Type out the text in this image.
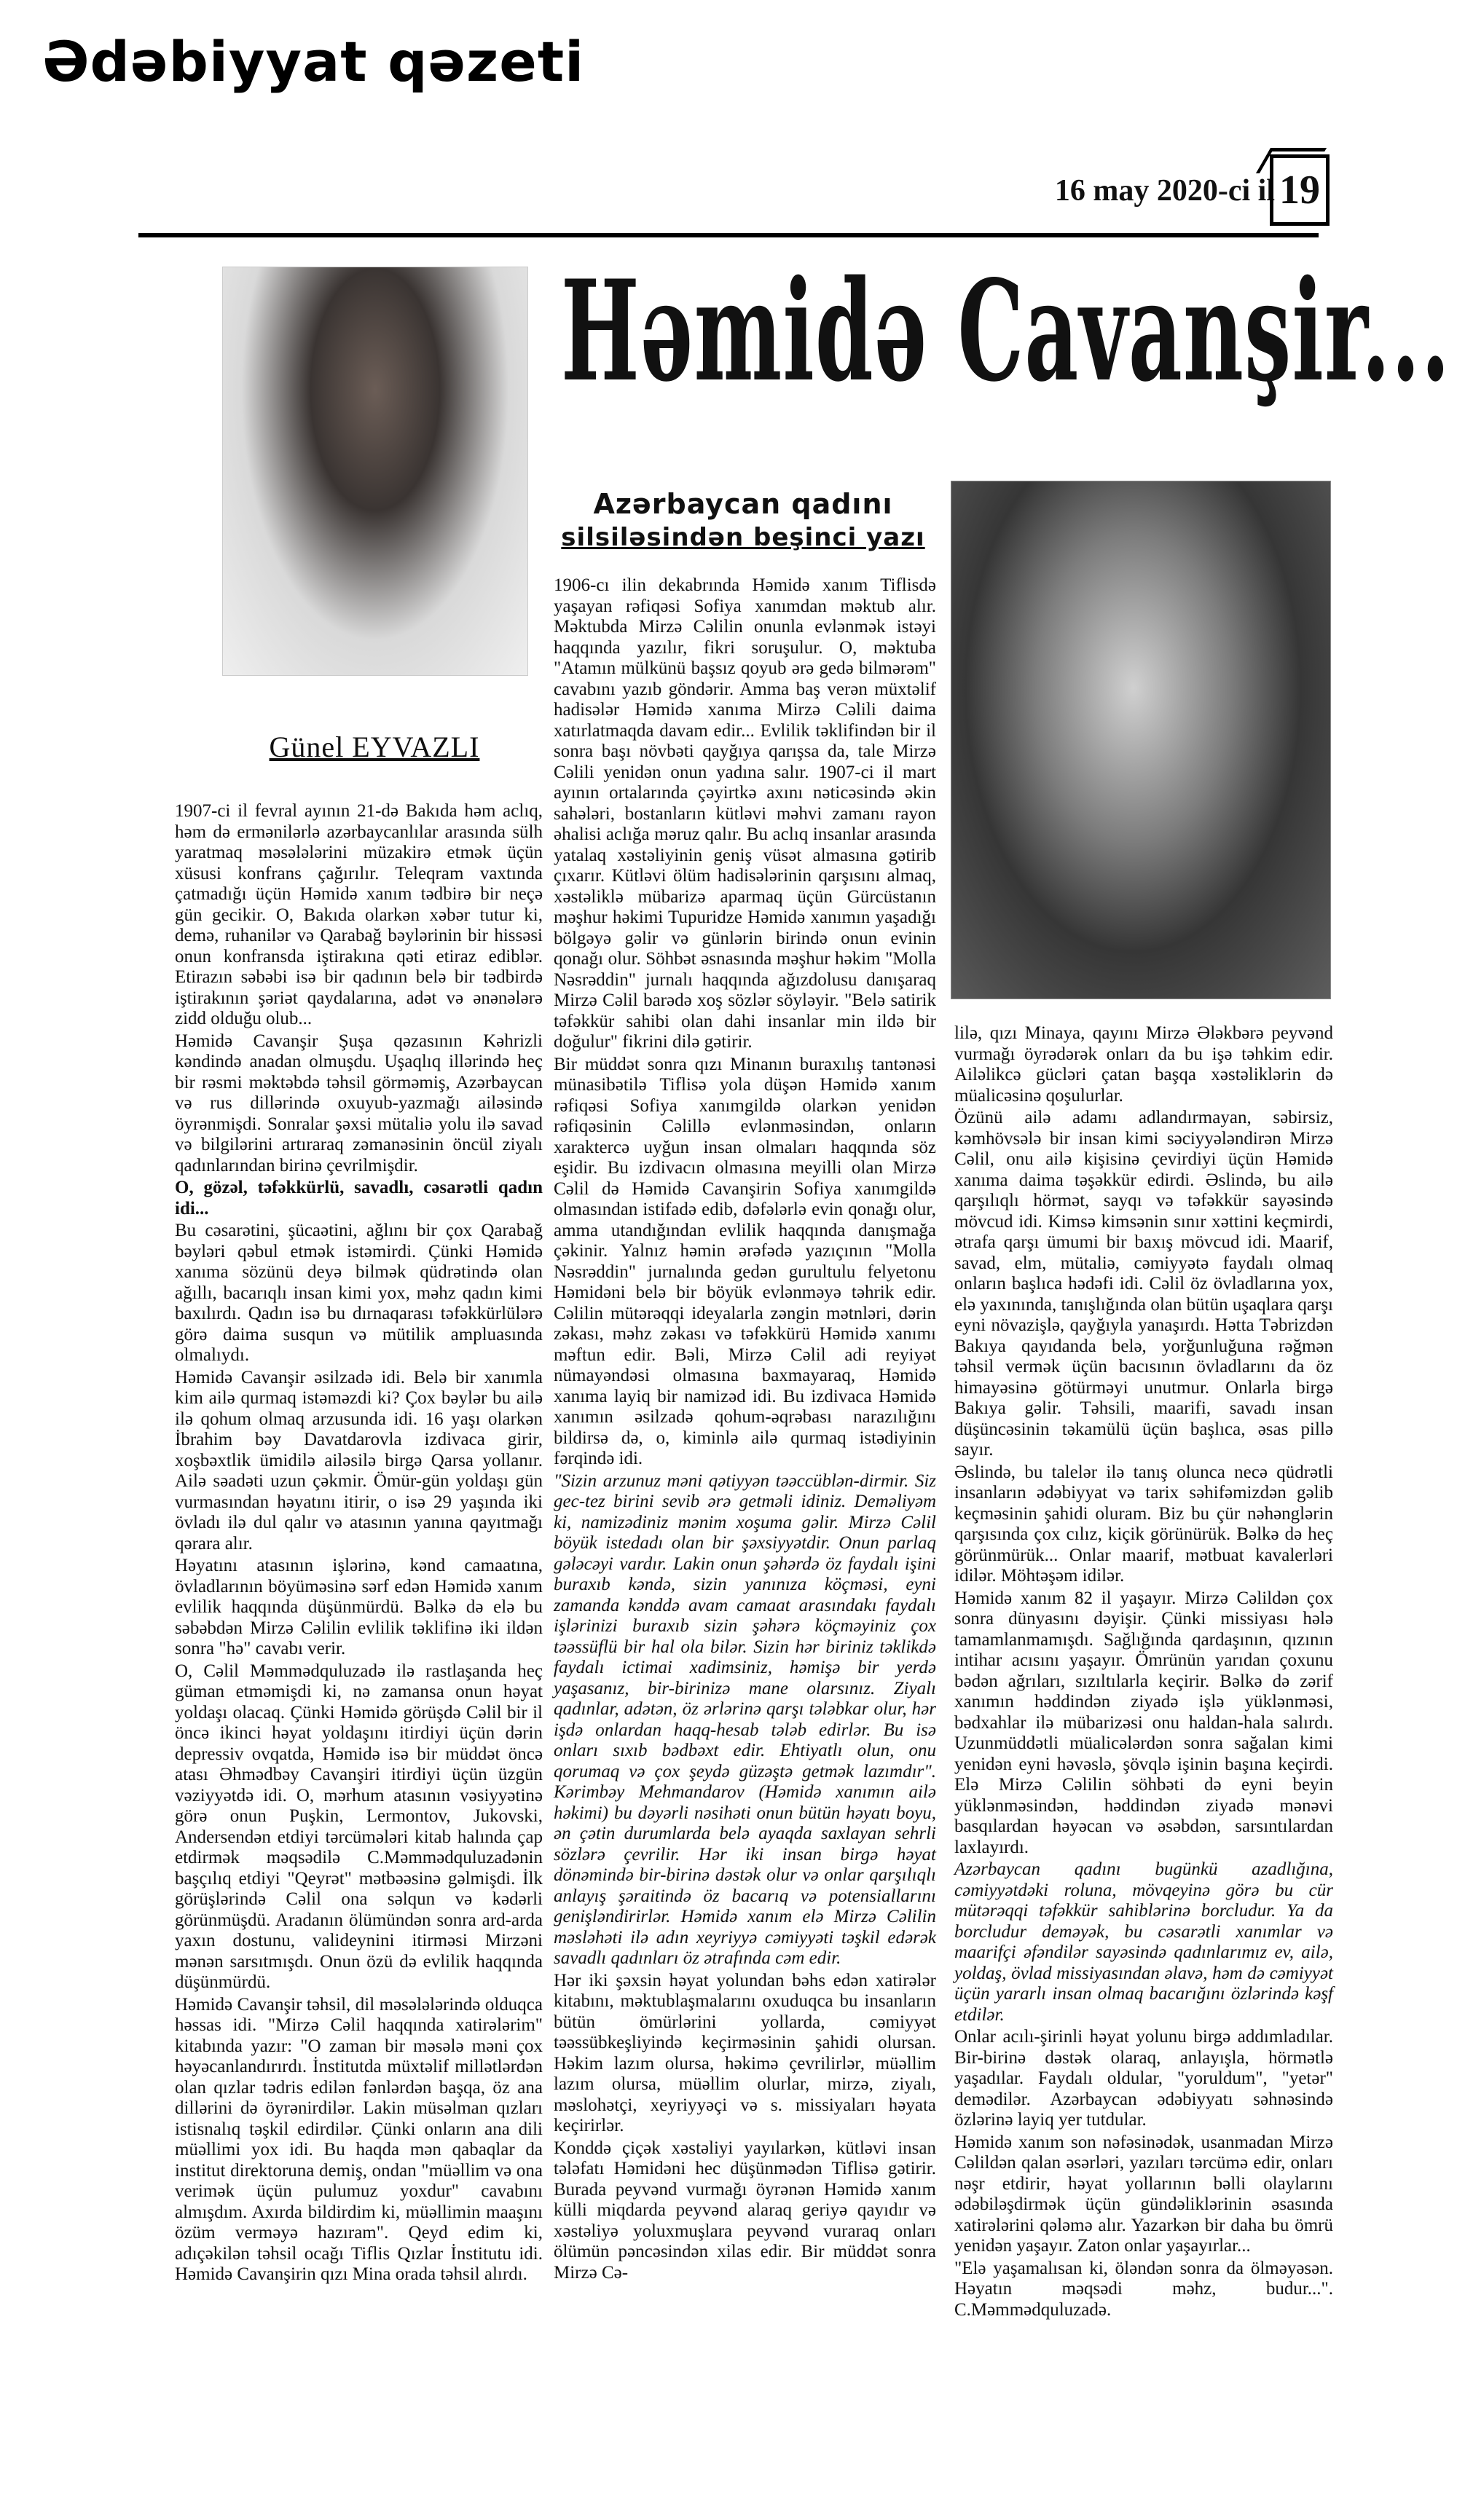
Ədəbiyyat qəzeti
16 may 2020-ci il 19
Həmidə Cavanşir...
Azərbaycan qadını
silsiləsindən beşinci yazı
Günel EYVAZLI

1907-ci il fevral ayının 21-də Bakıda həm aclıq, həm də ermənilərlə azərbaycanlılar arasında sülh yaratmaq məsələlərini müzakirə etmək üçün xüsusi konfrans çağırılır. Teleqram vaxtında çatmadığı üçün Həmidə xanım tədbirə bir neçə gün gecikir. O, Bakıda olarkən xəbər tutur ki, demə, ruhanilər və Qarabağ bəylərinin bir hissəsi onun konfransda iştirakına qəti etiraz ediblər. Etirazın səbəbi isə bir qadının belə bir tədbirdə iştirakının şəriət qaydalarına, adət və ənənələrə zidd olduğu olub...

Həmidə Cavanşir Şuşa qəzasının Kəhrizli kəndində anadan olmuşdu. Uşaqlıq illərində heç bir rəsmi məktəbdə təhsil görməmiş, Azərbaycan və rus dillərində oxuyub-yazmağı ailəsində öyrənmişdi. Sonralar şəxsi mütaliə yolu ilə savad və bilgilərini artıraraq zəmanəsinin öncül ziyalı qadınlarından birinə çevrilmişdir.

O, gözəl, təfəkkürlü, savadlı, cəsarətli qadın idi...

Bu cəsarətini, şücaətini, ağlını bir çox Qarabağ bəyləri qəbul etmək istəmirdi. Çünki Həmidə xanıma sözünü deyə bilmək qüdrətində olan ağıllı, bacarıqlı insan kimi yox, məhz qadın kimi baxılırdı. Qadın isə bu dırnaqarası təfəkkürlülərə görə daima susqun və mütilik ampluasında olmalıydı.

Həmidə Cavanşir əsilzadə idi. Belə bir xanımla kim ailə qurmaq istəməzdi ki? Çox bəylər bu ailə ilə qohum olmaq arzusunda idi. 16 yaşı olarkən İbrahim bəy Davatdarovla izdivaca girir, xoşbəxtlik ümidilə ailəsilə birgə Qarsa yollanır. Ailə səadəti uzun çəkmir. Ömür-gün yoldaşı gün vurmasından həyatını itirir, o isə 29 yaşında iki övladı ilə dul qalır və atasının yanına qayıtmağı qərara alır.

Həyatını atasının işlərinə, kənd camaatına, övladlarının böyüməsinə sərf edən Həmidə xanım evlilik haqqında düşünmürdü. Bəlkə də elə bu səbəbdən Mirzə Cəlilin evlilik təklifinə iki ildən sonra "hə" cavabı verir.

O, Cəlil Məmmədquluzadə ilə rastlaşanda heç güman etməmişdi ki, nə zamansa onun həyat yoldaşı olacaq. Çünki Həmidə görüşdə Cəlil bir il öncə ikinci həyat yoldaşını itirdiyi üçün dərin depressiv ovqatda, Həmidə isə bir müddət öncə atası Əhmədbəy Cavanşiri itirdiyi üçün üzgün vəziyyətdə idi. O, mərhum atasının vəsiyyətinə görə onun Puşkin, Lermontov, Jukovski, Andersendən etdiyi tərcümələri kitab halında çap etdirmək məqsədilə C.Məmmədquluzadənin başçılıq etdiyi "Qeyrət" mətbəəsinə gəlmişdi. İlk görüşlərində Cəlil ona səlqun və kədərli görünmüşdü. Aradanın ölümündən sonra ard-arda yaxın dostunu, valideynini itirməsi Mirzəni mənən sarsıtmışdı. Onun özü də evlilik haqqında düşünmürdü.

Həmidə Cavanşir təhsil, dil məsələlərində olduqca həssas idi. "Mirzə Cəlil haqqında xatirələrim" kitabında yazır: "O zaman bir məsələ məni çox həyəcanlandırırdı. İnstitutda müxtəlif millətlərdən olan qızlar tədris edilən fənlərdən başqa, öz ana dillərini də öyrənirdilər. Lakin müsəlman qızları istisnalıq təşkil edirdilər. Çünki onların ana dili müəllimi yox idi. Bu haqda mən qabaqlar da institut direktoruna demiş, ondan "müəllim və ona verimək üçün pulumuz yoxdur" cavabını almışdım. Axırda bildirdim ki, müəllimin maaşını özüm verməyə hazıram". Qeyd edim ki, adıçəkilən təhsil ocağı Tiflis Qızlar İnstitutu idi. Həmidə Cavanşirin qızı Mina orada təhsil alırdı.

1906-cı ilin dekabrında Həmidə xanım Tiflisdə yaşayan rəfiqəsi Sofiya xanımdan məktub alır. Məktubda Mirzə Cəlilin onunla evlənmək istəyi haqqında yazılır, fikri soruşulur. O, məktuba "Atamın mülkünü başsız qoyub ərə gedə bilmərəm" cavabını yazıb göndərir. Amma baş verən müxtəlif hadisələr Həmidə xanıma Mirzə Cəlili daima xatırlatmaqda davam edir... Evlilik təklifindən bir il sonra başı növbəti qayğıya qarışsa da, tale Mirzə Cəlili yenidən onun yadına salır. 1907-ci il mart ayının ortalarında çəyirtkə axını nəticəsində əkin sahələri, bostanların kütləvi məhvi zamanı rayon əhalisi aclığa məruz qalır. Bu aclıq insanlar arasında yatalaq xəstəliyinin geniş vüsət almasına gətirib çıxarır. Kütləvi ölüm hadisələrinin qarşısını almaq, xəstəliklə mübarizə aparmaq üçün Gürcüstanın məşhur həkimi Tupuridze Həmidə xanımın yaşadığı bölgəyə gəlir və günlərin birində onun evinin qonağı olur. Söhbət əsnasında məşhur həkim "Molla Nəsrəddin" jurnalı haqqında ağızdolusu danışaraq Mirzə Cəlil barədə xoş sözlər söyləyir. "Belə satirik təfəkkür sahibi olan dahi insanlar min ildə bir doğulur" fikrini dilə gətirir.

Bir müddət sonra qızı Minanın buraxılış tantənəsi münasibətilə Tiflisə yola düşən Həmidə xanım rəfiqəsi Sofiya xanımgildə olarkən yenidən rəfiqəsinin Cəlillə evlənməsindən, onların xaraktercə uyğun insan olmaları haqqında söz eşidir. Bu izdivacın olmasına meyilli olan Mirzə Cəlil də Həmidə Cavanşirin Sofiya xanımgildə olmasından istifadə edib, dəfələrlə evin qonağı olur, amma utandığından evlilik haqqında danışmağa çəkinir. Yalnız həmin ərəfədə yazıçının "Molla Nəsrəddin" jurnalında gedən gurultulu felyetonu Həmidəni belə bir böyük evlənməyə təhrik edir. Cəlilin mütərəqqi ideyalarla zəngin mətnləri, dərin zəkası, məhz zəkası və təfəkkürü Həmidə xanımı məftun edir. Bəli, Mirzə Cəlil adi reyiyət nümayəndəsi olmasına baxmayaraq, Həmidə xanıma layiq bir namizəd idi. Bu izdivaca Həmidə xanımın əsilzadə qohum-əqrəbası narazılığını bildirsə də, o, kiminlə ailə qurmaq istədiyinin fərqində idi.

"Sizin arzunuz məni qətiyyən təəccüblən-dirmir. Siz gec-tez birini sevib ərə getməli idiniz. Deməliyəm ki, namizədiniz mənim xoşuma gəlir. Mirzə Cəlil böyük istedadı olan bir şəxsiyyətdir. Onun parlaq gələcəyi vardır. Lakin onun şəhərdə öz faydalı işini buraxıb kəndə, sizin yanınıza köçməsi, eyni zamanda kənddə avam camaat arasındakı faydalı işlərinizi buraxıb sizin şəhərə köçməyiniz çox təəssüflü bir hal ola bilər. Sizin hər biriniz təklikdə faydalı ictimai xadimsiniz, həmişə bir yerdə yaşasanız, bir-birinizə mane olarsınız. Ziyalı qadınlar, adətən, öz ərlərinə qarşı tələbkar olur, hər işdə onlardan haqq-hesab tələb edirlər. Bu isə onları sıxıb bədbəxt edir. Ehtiyatlı olun, onu qorumaq və çox şeydə güzəştə getmək lazımdır". Kərimbəy Mehmandarov (Həmidə xanımın ailə həkimi) bu dəyərli nəsihəti onun bütün həyatı boyu, ən çətin durumlarda belə ayaqda saxlayan sehrli sözlərə çevrilir. Hər iki insan birgə həyat dönəmində bir-birinə dəstək olur və onlar qarşılıqlı anlayış şəraitində öz bacarıq və potensiallarını genişləndirirlər. Həmidə xanım elə Mirzə Cəlilin məsləhəti ilə adın xeyriyyə cəmiyyəti təşkil edərək savadlı qadınları öz ətrafında cəm edir.

Hər iki şəxsin həyat yolundan bəhs edən xatirələr kitabını, məktublaşmalarını oxuduqca bu insanların bütün ömürlərini yollarda, cəmiyyət təəssübkeşliyində keçirməsinin şahidi olursan. Həkim lazım olursa, həkimə çevrilirlər, müəllim lazım olursa, müəllim olurlar, mirzə, ziyalı, məslohətçi, xeyriyyəçi və s. missiyaları həyata keçirirlər.

Konddə çiçək xəstəliyi yayılarkən, kütləvi insan tələfatı Həmidəni hec düşünmədən Tiflisə gətirir. Burada peyvənd vurmağı öyrənən Həmidə xanım külli miqdarda peyvənd alaraq geriyə qayıdır və xəstəliyə yoluxmuşlara peyvənd vuraraq onları ölümün pəncəsindən xilas edir. Bir müddət sonra Mirzə Cə-

lilə, qızı Minaya, qayını Mirzə Ələkbərə peyvənd vurmağı öyrədərək onları da bu işə təhkim edir. Ailəlikcə gücləri çatan başqa xəstəliklərin də müalicəsinə qoşulurlar.

Özünü ailə adamı adlandırmayan, səbirsiz, kəmhövsələ bir insan kimi səciyyələndirən Mirzə Cəlil, onu ailə kişisinə çevirdiyi üçün Həmidə xanıma daima təşəkkür edirdi. Əslində, bu ailə qarşılıqlı hörmət, sayqı və təfəkkür sayəsində mövcud idi. Kimsə kimsənin sınır xəttini keçmirdi, ətrafa qarşı ümumi bir baxış mövcud idi. Maarif, savad, elm, mütaliə, cəmiyyətə faydalı olmaq onların başlıca hədəfi idi. Cəlil öz övladlarına yox, elə yaxınında, tanışlığında olan bütün uşaqlara qarşı eyni növazişlə, qayğıyla yanaşırdı. Hətta Təbrizdən Bakıya qayıdanda belə, yorğunluğuna rəğmən təhsil vermək üçün bacısının övladlarını da öz himayəsinə götürməyi unutmur. Onlarla birgə Bakıya gəlir. Təhsili, maarifi, savadı insan düşüncəsinin təkamülü üçün başlıca, əsas pillə sayır.

Əslində, bu talelər ilə tanış olunca necə qüdrətli insanların ədəbiyyat və tarix səhifəmizdən gəlib keçməsinin şahidi oluram. Biz bu çür nəhənglərin qarşısında çox cılız, kiçik görünürük. Bəlkə də heç görünmürük... Onlar maarif, mətbuat kavalerləri idilər. Möhtəşəm idilər.

Həmidə xanım 82 il yaşayır. Mirzə Cəlildən çox sonra dünyasını dəyişir. Çünki missiyası hələ tamamlanmamışdı. Sağlığında qardaşının, qızının intihar acısını yaşayır. Ömrünün yarıdan çoxunu bədən ağrıları, sızıltılarla keçirir. Bəlkə də zərif xanımın həddindən ziyadə işlə yüklənməsi, bədxahlar ilə mübarizəsi onu haldan-hala salırdı. Uzunmüddətli müalicələrdən sonra sağalan kimi yenidən eyni həvəslə, şövqlə işinin başına keçirdi. Elə Mirzə Cəlilin söhbəti də eyni beyin yüklənməsindən, həddindən ziyadə mənəvi basqılardan həyəcan və əsəbdən, sarsıntılardan laxlayırdı.

Azərbaycan qadını bugünkü azadlığına, cəmiyyətdəki roluna, mövqeyinə görə bu cür mütərəqqi təfəkkür sahiblərinə borcludur. Ya da borcludur deməyək, bu cəsarətli xanımlar və maarifçi əfəndilər sayəsində qadınlarımız ev, ailə, yoldaş, övlad missiyasından əlavə, həm də cəmiyyət üçün yararlı insan olmaq bacarığını özlərində kəşf etdilər.

Onlar acılı-şirinli həyat yolunu birgə addımladılar. Bir-birinə dəstək olaraq, anlayışla, hörmətlə yaşadılar. Faydalı oldular, "yoruldum", "yetər" demədilər. Azərbaycan ədəbiyyatı səhnəsində özlərinə layiq yer tutdular.

Həmidə xanım son nəfəsinədək, usanmadan Mirzə Cəlildən qalan əsərləri, yazıları tərcümə edir, onları nəşr etdirir, həyat yollarının bəlli olaylarını ədəbiləşdirmək üçün gündəliklərinin əsasında xatirələrini qələmə alır. Yazarkən bir daha bu ömrü yenidən yaşayır. Zaton onlar yaşayırlar...

"Elə yaşamalısan ki, öləndən sonra da ölməyəsən. Həyatın məqsədi məhz, budur...". C.Məmmədquluzadə.
